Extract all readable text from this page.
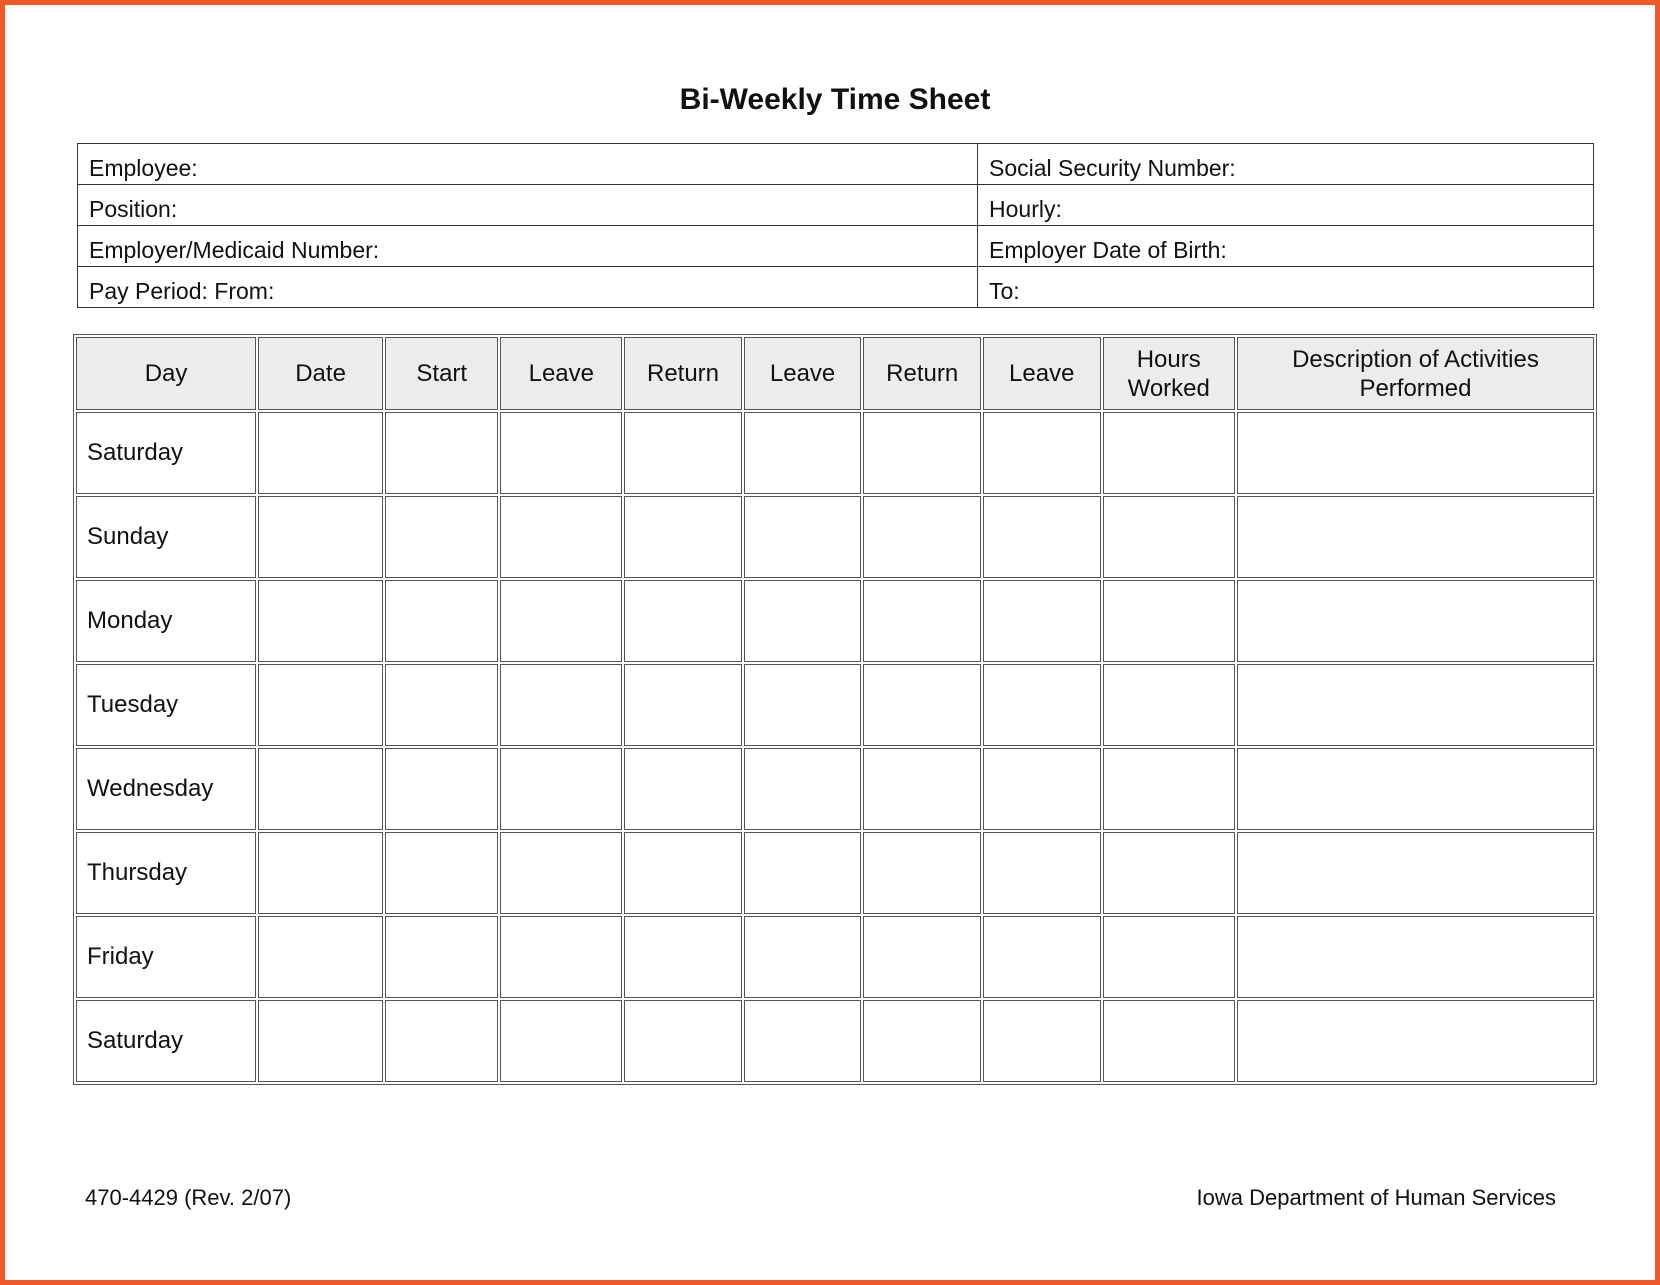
Bi-Weekly Time Sheet
Employee:	Social Security Number:
Position:	Hourly:
Employer/Medicaid Number:	Employer Date of Birth:
Pay Period: From:	To:
Day	Date	Start	Leave	Return	Leave	Return	Leave	Hours Worked	Description of Activities Performed
Saturday									
Sunday									
Monday									
Tuesday									
Wednesday									
Thursday									
Friday									
Saturday									
470-4429 (Rev. 2/07)	Iowa Department of Human Services
